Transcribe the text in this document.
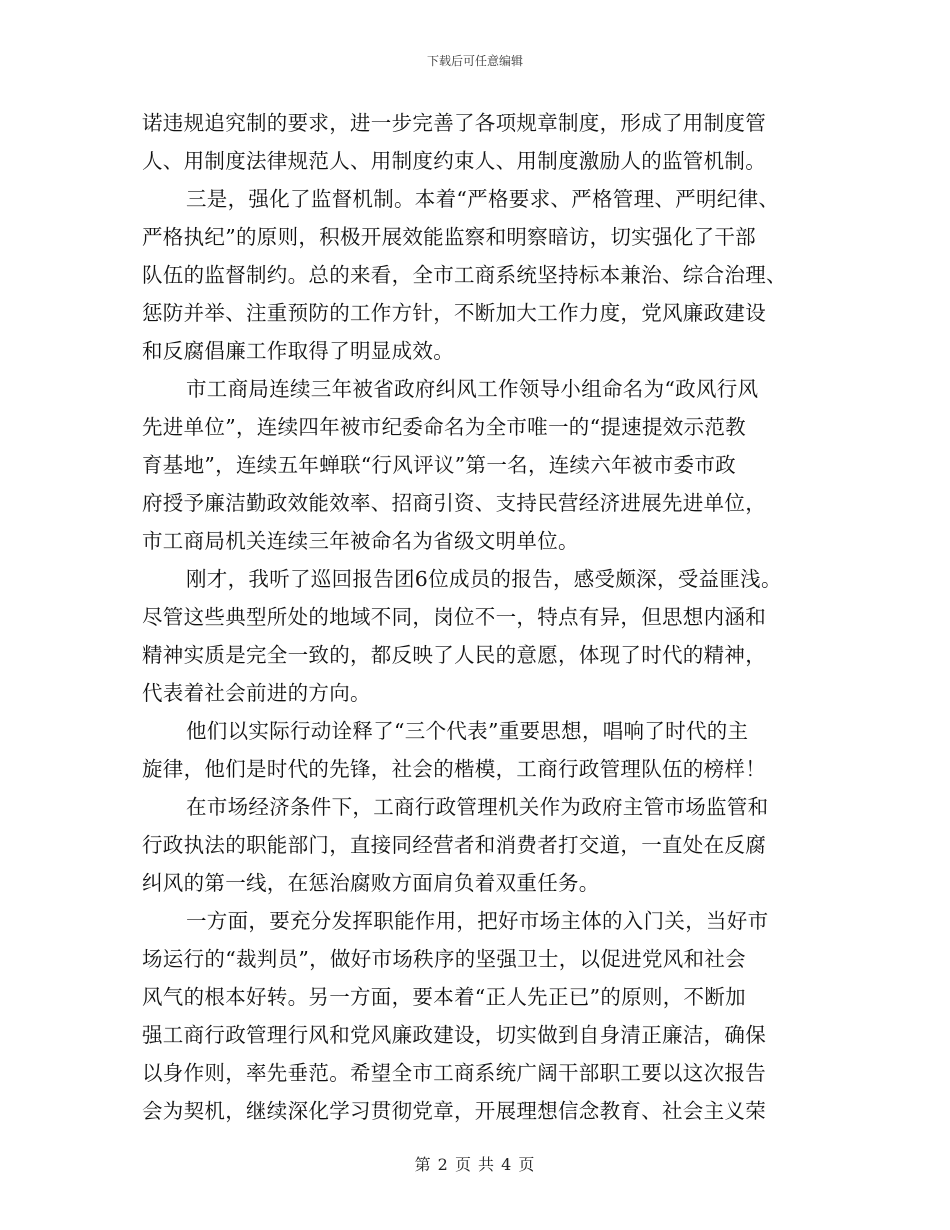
下载后可任意编辑
诺违规追究制的要求，进一步完善了各项规章制度，形成了用制度管
人、用制度法律规范人、用制度约束人、用制度激励人的监管机制。
三是，强化了监督机制。本着“严格要求、严格管理、严明纪律、
严格执纪”的原则，积极开展效能监察和明察暗访，切实强化了干部
队伍的监督制约。总的来看，全市工商系统坚持标本兼治、综合治理、
惩防并举、注重预防的工作方针，不断加大工作力度，党风廉政建设
和反腐倡廉工作取得了明显成效。
市工商局连续三年被省政府纠风工作领导小组命名为“政风行风
先进单位”，连续四年被市纪委命名为全市唯一的“提速提效示范教
育基地”，连续五年蝉联“行风评议”第一名，连续六年被市委市政
府授予廉洁勤政效能效率、招商引资、支持民营经济进展先进单位，
市工商局机关连续三年被命名为省级文明单位。
刚才，我听了巡回报告团6位成员的报告，感受颇深，受益匪浅。
尽管这些典型所处的地域不同，岗位不一，特点有异，但思想内涵和
精神实质是完全一致的，都反映了人民的意愿，体现了时代的精神，
代表着社会前进的方向。
他们以实际行动诠释了“三个代表”重要思想，唱响了时代的主
旋律，他们是时代的先锋，社会的楷模，工商行政管理队伍的榜样！
在市场经济条件下，工商行政管理机关作为政府主管市场监管和
行政执法的职能部门，直接同经营者和消费者打交道，一直处在反腐
纠风的第一线，在惩治腐败方面肩负着双重任务。
一方面，要充分发挥职能作用，把好市场主体的入门关，当好市
场运行的“裁判员”，做好市场秩序的坚强卫士，以促进党风和社会
风气的根本好转。另一方面，要本着“正人先正已”的原则，不断加
强工商行政管理行风和党风廉政建设，切实做到自身清正廉洁，确保
以身作则，率先垂范。希望全市工商系统广阔干部职工要以这次报告
会为契机，继续深化学习贯彻党章，开展理想信念教育、社会主义荣
第 2 页 共 4 页
